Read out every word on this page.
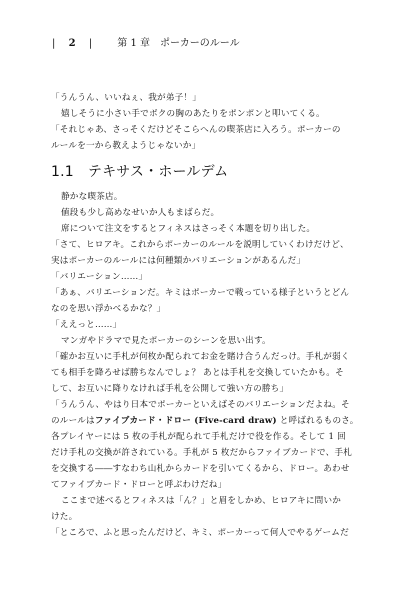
| 2 |	第 1 章　ポーカーのルール

「うんうん、いいねぇ、我が弟子！」

嬉しそうに小さい手でボクの胸のあたりをポンポンと叩いてくる。

「それじゃあ、さっそくだけどそこらへんの喫茶店に入ろう。ポーカーの

ルールを一から教えようじゃないか」

1.1 テキサス・ホールデム

静かな喫茶店。

値段も少し高めなせいか人もまばらだ。

席について注文をするとフィネスはさっそく本題を切り出した。

「さて、ヒロアキ。これからポーカーのルールを説明していくわけだけど、

実はポーカーのルールには何種類かバリエーションがあるんだ」

「バリエーション……」

「あぁ、バリエーションだ。キミはポーカーで戦っている様子というとどん

なのを思い浮かべるかな？」

「ええっと……」

マンガやドラマで見たポーカーのシーンを思い出す。

「確かお互いに手札が何枚か配られてお金を賭け合うんだっけ。手札が弱く

ても相手を降ろせば勝ちなんでしょ？ あとは手札を交換していたかも。そ

して、お互いに降りなければ手札を公開して強い方の勝ち」

「うんうん、やはり日本でポーカーといえばそのバリエーションだよね。そ

のルールはファイブカード・ドロー (Five-card draw) と呼ばれるものさ。

各プレイヤーには 5 枚の手札が配られて手札だけで役を作る。そして 1 回

だけ手札の交換が許されている。手札が 5 枚だからファイブカードで、手札

を交換する――すなわち山札からカードを引いてくるから、ドロー。あわせ

てファイブカード・ドローと呼ぶわけだね」

ここまで述べるとフィネスは「ん？」と眉をしかめ、ヒロアキに問いか

けた。

「ところで、ふと思ったんだけど、キミ、ポーカーって何人でやるゲームだ
